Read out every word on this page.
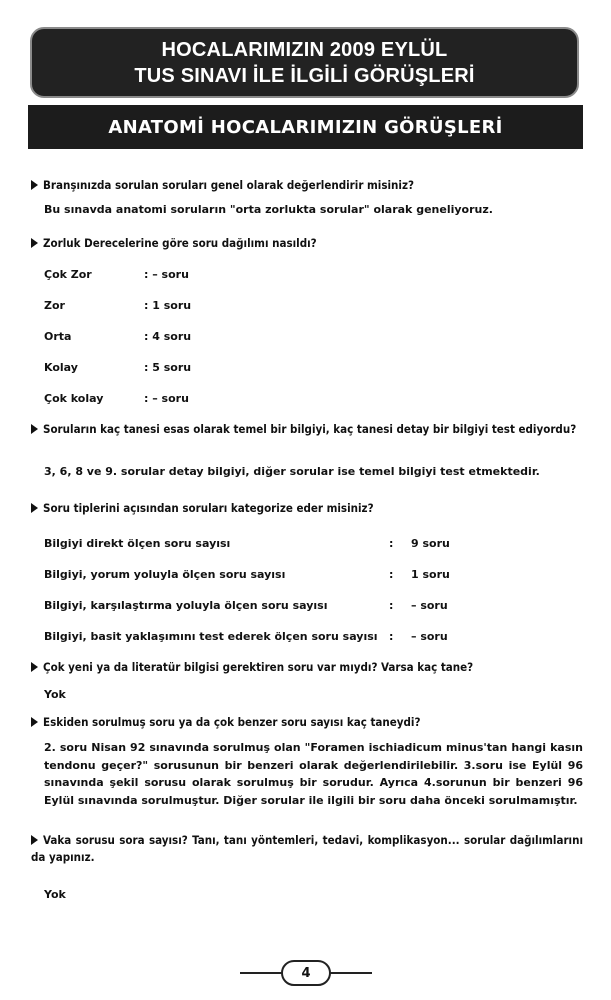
HOCALARIMIZIN 2009 EYLÜL
TUS SINAVI İLE İLGİLİ GÖRÜŞLERİ
ANATOMİ HOCALARIMIZIN GÖRÜŞLERİ
Branşınızda sorulan soruları genel olarak değerlendirir misiniz?
Bu sınavda anatomi soruların "orta zorlukta sorular" olarak geneliyoruz.
Zorluk Derecelerine göre soru dağılımı nasıldı?
Çok Zor	: – soru
Zor	: 1 soru
Orta	: 4 soru
Kolay	: 5 soru
Çok kolay	: – soru
Soruların kaç tanesi esas olarak temel bir bilgiyi, kaç tanesi detay bir bilgiyi test ediyordu?
3, 6, 8 ve 9. sorular detay bilgiyi, diğer sorular ise temel bilgiyi test etmektedir.
Soru tiplerini açısından soruları kategorize eder misiniz?
Bilgiyi direkt ölçen soru sayısı	: 9 soru
Bilgiyi, yorum yoluyla ölçen soru sayısı	: 1 soru
Bilgiyi, karşılaştırma yoluyla ölçen soru sayısı	: – soru
Bilgiyi, basit yaklaşımını test ederek ölçen soru sayısı : – soru
Çok yeni ya da literatür bilgisi gerektiren soru var mıydı? Varsa kaç tane?
Yok
Eskiden sorulmuş soru ya da çok benzer soru sayısı kaç taneydi?
2. soru Nisan 92 sınavında sorulmuş olan "Foramen ischiadicum minus'tan hangi kasın tendonu geçer?" sorusunun bir benzeri olarak değerlendirilebilir. 3.soru ise Eylül 96 sınavında şekil sorusu olarak sorulmuş bir sorudur. Ayrıca 4.sorunun bir benzeri 96 Eylül sınavında sorulmuştur. Diğer sorular ile ilgili bir soru daha önceki sorulmamıştır.
Vaka sorusu sora sayısı? Tanı, tanı yöntemleri, tedavi, komplikasyon... sorular dağılımlarını da yapınız.
Yok
4
